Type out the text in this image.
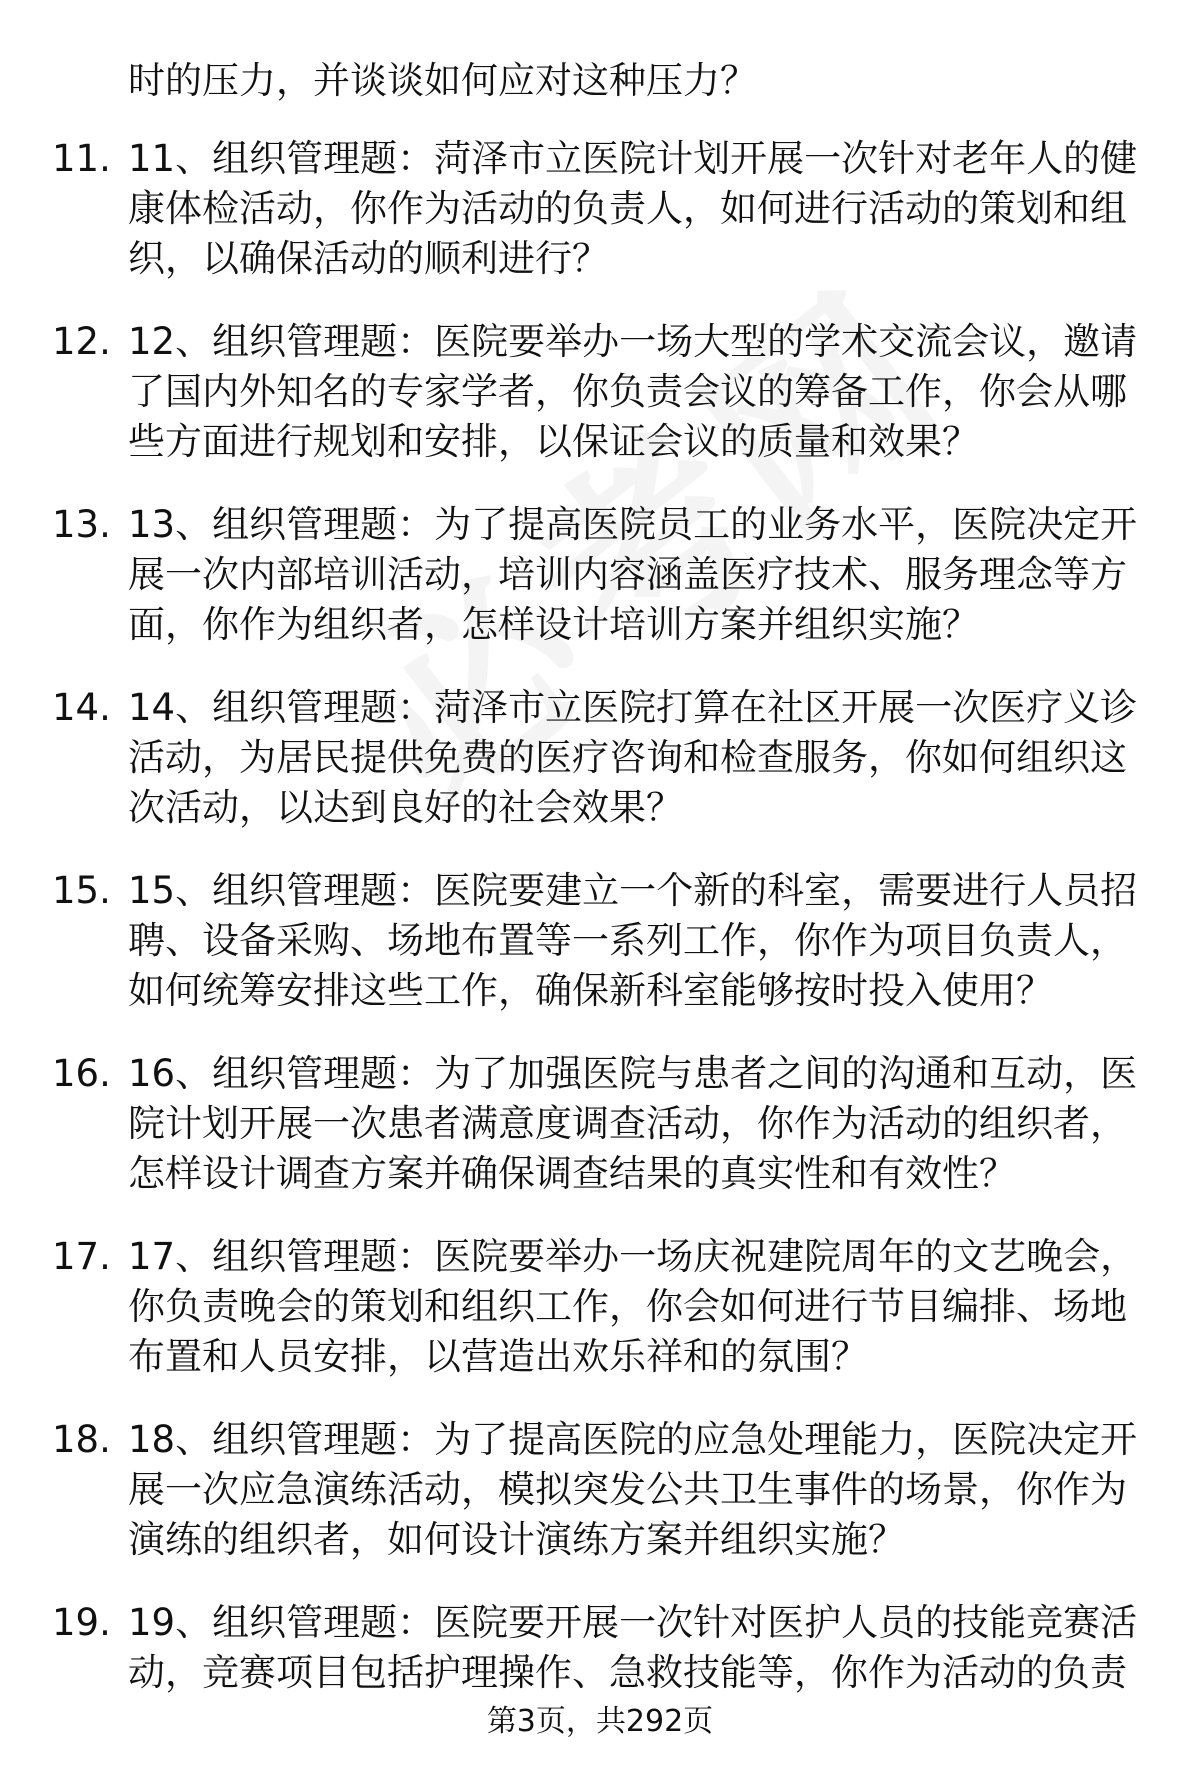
时的压力，并谈谈如何应对这种压力？
11. 11、组织管理题：菏泽市立医院计划开展一次针对老年人的健康体检活动，你作为活动的负责人，如何进行活动的策划和组织，以确保活动的顺利进行？
12. 12、组织管理题：医院要举办一场大型的学术交流会议，邀请了国内外知名的专家学者，你负责会议的筹备工作，你会从哪些方面进行规划和安排，以保证会议的质量和效果？
13. 13、组织管理题：为了提高医院员工的业务水平，医院决定开展一次内部培训活动，培训内容涵盖医疗技术、服务理念等方面，你作为组织者，怎样设计培训方案并组织实施？
14. 14、组织管理题：菏泽市立医院打算在社区开展一次医疗义诊活动，为居民提供免费的医疗咨询和检查服务，你如何组织这次活动，以达到良好的社会效果？
15. 15、组织管理题：医院要建立一个新的科室，需要进行人员招聘、设备采购、场地布置等一系列工作，你作为项目负责人，如何统筹安排这些工作，确保新科室能够按时投入使用？
16. 16、组织管理题：为了加强医院与患者之间的沟通和互动，医院计划开展一次患者满意度调查活动，你作为活动的组织者，怎样设计调查方案并确保调查结果的真实性和有效性？
17. 17、组织管理题：医院要举办一场庆祝建院周年的文艺晚会，你负责晚会的策划和组织工作，你会如何进行节目编排、场地布置和人员安排，以营造出欢乐祥和的氛围？
18. 18、组织管理题：为了提高医院的应急处理能力，医院决定开展一次应急演练活动，模拟突发公共卫生事件的场景，你作为演练的组织者，如何设计演练方案并组织实施？
19. 19、组织管理题：医院要开展一次针对医护人员的技能竞赛活动，竞赛项目包括护理操作、急救技能等，你作为活动的负责
第3页，共292页
